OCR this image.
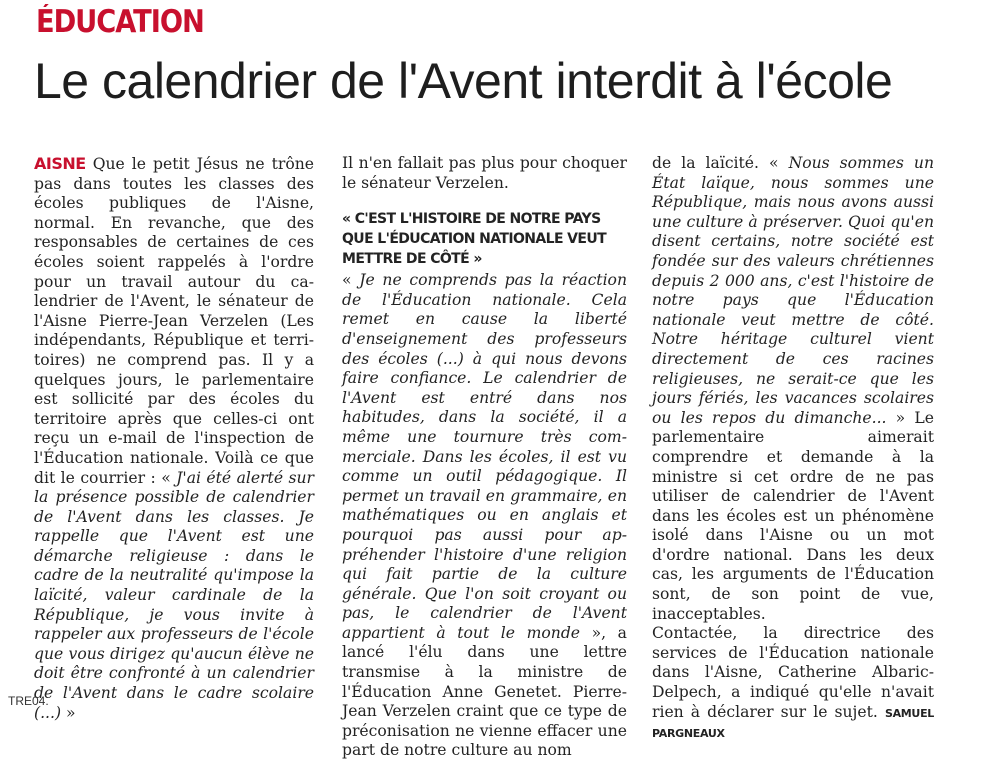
ÉDUCATION
Le calendrier de l'Avent interdit à l'école

AISNE Que le petit Jésus ne trône pas dans toutes les classes des écoles publiques de l'Aisne, normal. En revanche, que des responsables de certaines de ces écoles soient rappelés à l'ordre pour un travail autour du calendrier de l'Avent, le sénateur de l'Aisne Pierre-Jean Verzelen (Les indépendants, République et territoires) ne comprend pas. Il y a quelques jours, le parlementaire est sollicité par des écoles du territoire après que celles-ci ont reçu un e-mail de l'inspection de l'Éducation nationale. Voilà ce que dit le courrier : « J'ai été alerté sur la présence possible de calendrier de l'Avent dans les classes. Je rappelle que l'Avent est une démarche religieuse : dans le cadre de la neutralité qu'impose la laïcité, valeur cardinale de la République, je vous invite à rappeler aux professeurs de l'école que vous dirigez qu'aucun élève ne doit être confronté à un calendrier de l'Avent dans le cadre scolaire (...) »

Il n'en fallait pas plus pour choquer le sénateur Verzelen.

« C'EST L'HISTOIRE DE NOTRE PAYS QUE L'ÉDUCATION NATIONALE VEUT METTRE DE CÔTÉ »

« Je ne comprends pas la réaction de l'Éducation nationale. Cela remet en cause la liberté d'enseignement des professeurs des écoles (...) à qui nous devons faire confiance. Le calendrier de l'Avent est entré dans nos habitudes, dans la société, il a même une tournure très commerciale. Dans les écoles, il est vu comme un outil pédagogique. Il permet un travail en grammaire, en mathématiques ou en anglais et pourquoi pas aussi pour appréhender l'histoire d'une religion qui fait partie de la culture générale. Que l'on soit croyant ou pas, le calendrier de l'Avent appartient à tout le monde », a lancé l'élu dans une lettre transmise à la ministre de l'Éducation Anne Genetet. Pierre-Jean Verzelen craint que ce type de préconisation ne vienne effacer une part de notre culture au nom

de la laïcité. « Nous sommes un État laïque, nous sommes une République, mais nous avons aussi une culture à préserver. Quoi qu'en disent certains, notre société est fondée sur des valeurs chrétiennes depuis 2 000 ans, c'est l'histoire de notre pays que l'Éducation nationale veut mettre de côté. Notre héritage culturel vient directement de ces racines religieuses, ne serait-ce que les jours fériés, les vacances scolaires ou les repos du dimanche... » Le parlementaire aimerait comprendre et demande à la ministre si cet ordre de ne pas utiliser de calendrier de l'Avent dans les écoles est un phénomène isolé dans l'Aisne ou un mot d'ordre national. Dans les deux cas, les arguments de l'Éducation sont, de son point de vue, inacceptables.

Contactée, la directrice des services de l'Éducation nationale dans l'Aisne, Catherine Albaric-Delpech, a indiqué qu'elle n'avait rien à déclarer sur le sujet. SAMUEL PARGNEAUX

TRE04.
